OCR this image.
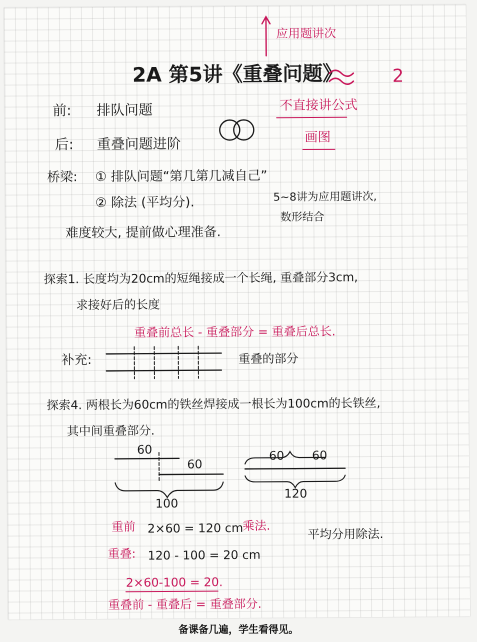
应用题讲次
2A 第5讲《重叠问题》	2
前: 排队问题	不直接讲公式
后: 重叠问题进阶	画图
桥梁: ① 排队问题“第几第几减自己”
② 除法 (平均分).	5~8讲为应用题讲次,
数形结合
难度较大, 提前做心理准备.
探索1. 长度均为20cm的短绳接成一个长绳, 重叠部分3cm,
求接好后的长度
重叠前总长 - 重叠部分 = 重叠后总长.
补充:	重叠的部分
探索4. 两根长为60cm的铁丝焊接成一根长为100cm的长铁丝,
其中间重叠部分.
60
60
100
60 60
120
重前 2×60 = 120 cm 乘法.
重叠: 120 - 100 = 20 cm
平均分用除法.
2×60-100 = 20.
重叠前 - 重叠后 = 重叠部分.
备课备几遍，学生看得见。
